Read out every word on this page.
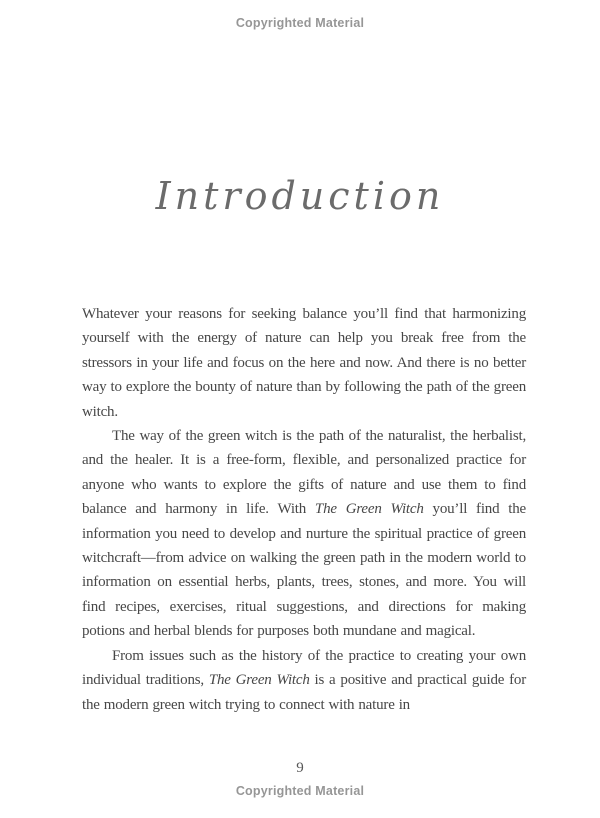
Copyrighted Material
Introduction

Whatever your reasons for seeking balance you’ll find that harmonizing yourself with the energy of nature can help you break free from the stressors in your life and focus on the here and now. And there is no better way to explore the bounty of nature than by following the path of the green witch.

The way of the green witch is the path of the naturalist, the herbalist, and the healer. It is a free-form, flexible, and personalized practice for anyone who wants to explore the gifts of nature and use them to find balance and harmony in life. With The Green Witch you’ll find the information you need to develop and nurture the spiritual practice of green witchcraft—from advice on walking the green path in the modern world to information on essential herbs, plants, trees, stones, and more. You will find recipes, exercises, ritual suggestions, and directions for making potions and herbal blends for purposes both mundane and magical.

From issues such as the history of the practice to creating your own individual traditions, The Green Witch is a positive and practical guide for the modern green witch trying to connect with nature in

9
Copyrighted Material
